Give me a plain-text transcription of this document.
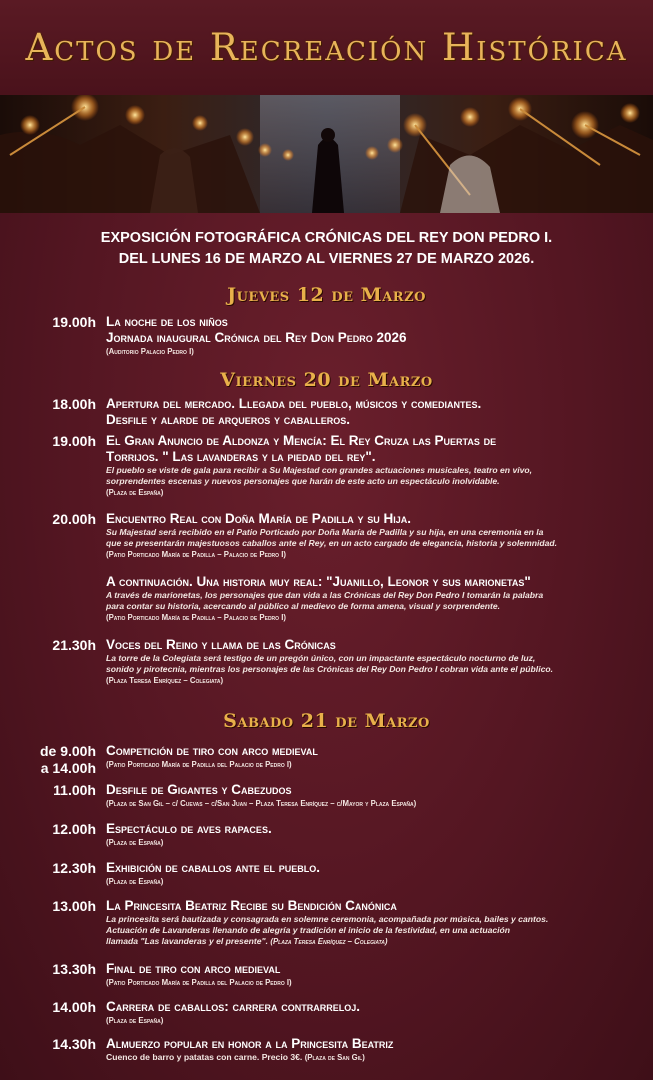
Actos de Recreación Histórica
EXPOSICIÓN FOTOGRÁFICA CRÓNICAS DEL REY DON PEDRO I.
DEL LUNES 16 DE MARZO AL VIERNES 27 DE MARZO 2026.
Jueves 12 de Marzo
Viernes 20 de Marzo
Sabado 21 de Marzo
19.00h La noche de los niños
Jornada inaugural Crónica del Rey Don Pedro 2026
(Auditorio Palacio Pedro I)
18.00h Apertura del mercado. Llegada del pueblo, músicos y comediantes.
Desfile y alarde de arqueros y caballeros.
19.00h El Gran Anuncio de Aldonza y Mencía: El Rey Cruza las Puertas de
Torrijos. " Las lavanderas y la piedad del rey".
El pueblo se viste de gala para recibir a Su Majestad con grandes actuaciones musicales, teatro en vivo,
sorprendentes escenas y nuevos personajes que harán de este acto un espectáculo inolvidable.
(Plaza de España)
20.00h Encuentro Real con Doña María de Padilla y su Hija.
Su Majestad será recibido en el Patio Porticado por Doña María de Padilla y su hija, en una ceremonia en la
que se presentarán majestuosos caballos ante el Rey, en un acto cargado de elegancia, historia y solemnidad.
(Patio Porticado María de Padilla – Palacio de Pedro I)
A continuación. Una historia muy real: "Juanillo, Leonor y sus marionetas"
A través de marionetas, los personajes que dan vida a las Crónicas del Rey Don Pedro I tomarán la palabra
para contar su historia, acercando al público al medievo de forma amena, visual y sorprendente.
(Patio Porticado María de Padilla – Palacio de Pedro I)
21.30h Voces del Reino y llama de las Crónicas
La torre de la Colegiata será testigo de un pregón único, con un impactante espectáculo nocturno de luz,
sonido y pirotecnia, mientras los personajes de las Crónicas del Rey Don Pedro I cobran vida ante el público.
(Plaza Teresa Enríquez – Colegiata)
de 9.00h
a 14.00h
Competición de tiro con arco medieval
(Patio Porticado María de Padilla del Palacio de Pedro I)
11.00h Desfile de Gigantes y Cabezudos
(Plaza de San Gil – c/ Cuevas – c/San Juan – Plaza Teresa Enríquez – c/Mayor y Plaza España)
12.00h Espectáculo de aves rapaces.
(Plaza de España)
12.30h Exhibición de caballos ante el pueblo.
(Plaza de España)
13.00h La Princesita Beatriz Recibe su Bendición Canónica
La princesita será bautizada y consagrada en solemne ceremonia, acompañada por música, bailes y cantos.
Actuación de Lavanderas llenando de alegría y tradición el inicio de la festividad, en una actuación
llamada "Las lavanderas y el presente". (Plaza Teresa Enríquez – Colegiata)
13.30h Final de tiro con arco medieval
(Patio Porticado María de Padilla del Palacio de Pedro I)
14.00h Carrera de caballos: carrera contrarreloj.
(Plaza de España)
14.30h Almuerzo popular en honor a la Princesita Beatriz
Cuenco de barro y patatas con carne. Precio 3€. (Plaza de San Gil)
